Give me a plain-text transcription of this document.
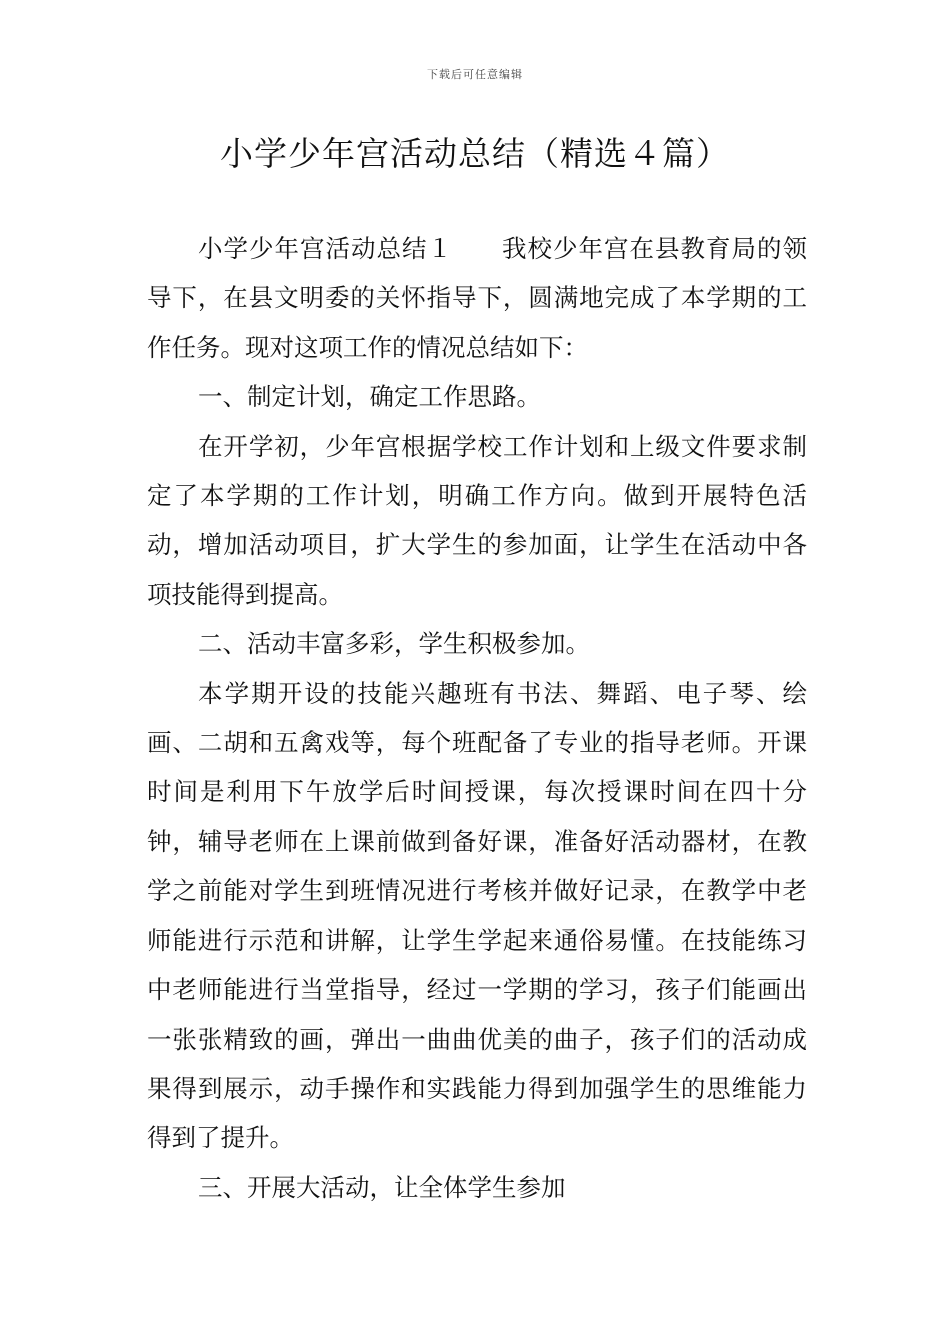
下载后可任意编辑
小学少年宫活动总结（精选４篇）

小学少年宫活动总结１ 我校少年宫在县教育局的领导下，在县文明委的关怀指导下，圆满地完成了本学期的工作任务。现对这项工作的情况总结如下：

一、制定计划，确定工作思路。

在开学初，少年宫根据学校工作计划和上级文件要求制定了本学期的工作计划，明确工作方向。做到开展特色活动，增加活动项目，扩大学生的参加面，让学生在活动中各项技能得到提高。

二、活动丰富多彩，学生积极参加。

本学期开设的技能兴趣班有书法、舞蹈、电子琴、绘画、二胡和五禽戏等，每个班配备了专业的指导老师。开课时间是利用下午放学后时间授课，每次授课时间在四十分钟，辅导老师在上课前做到备好课，准备好活动器材，在教学之前能对学生到班情况进行考核并做好记录，在教学中老师能进行示范和讲解，让学生学起来通俗易懂。在技能练习中老师能进行当堂指导，经过一学期的学习，孩子们能画出一张张精致的画，弹出一曲曲优美的曲子，孩子们的活动成果得到展示，动手操作和实践能力得到加强学生的思维能力得到了提升。

三、开展大活动，让全体学生参加
